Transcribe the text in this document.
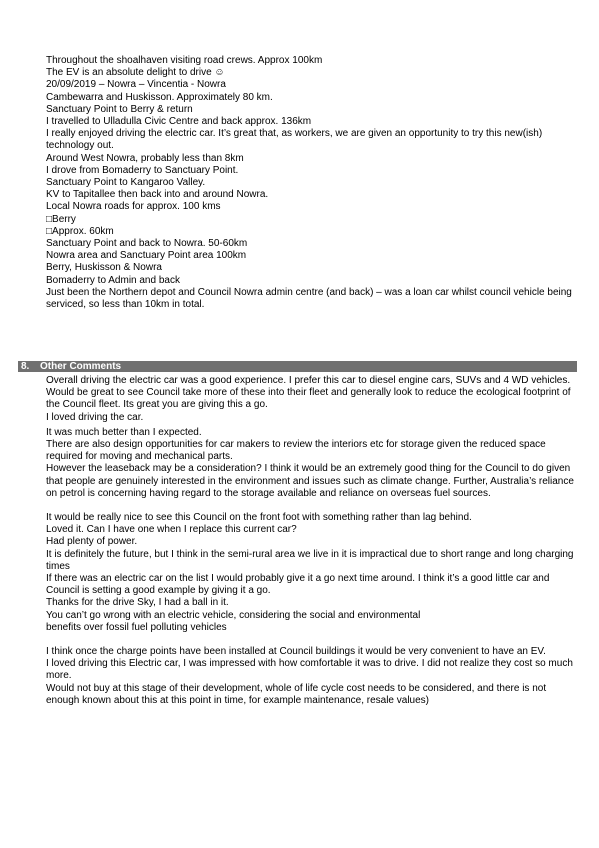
Throughout the shoalhaven visiting road crews. Approx 100km
The EV is an absolute delight to drive ☺
20/09/2019 – Nowra – Vincentia - Nowra
Cambewarra and Huskisson. Approximately 80 km.
Sanctuary Point to Berry & return
I travelled to Ulladulla Civic Centre and back approx. 136km
I really enjoyed driving the electric car. It’s great that, as workers, we are given an opportunity to try this new(ish) technology out.
Around West Nowra, probably less than 8km
I drove from Bomaderry to Sanctuary Point.
Sanctuary Point to Kangaroo Valley.
KV to Tapitallee then back into and around Nowra.
Local Nowra roads for approx. 100 kms
□Berry
□Approx. 60km
Sanctuary Point and back to Nowra. 50-60km
Nowra area and Sanctuary Point area 100km
Berry, Huskisson & Nowra
Bomaderry to Admin and back
Just been the Northern depot and Council Nowra admin centre (and back) – was a loan car whilst council vehicle being serviced, so less than 10km in total.
8. Other Comments
Overall driving the electric car was a good experience. I prefer this car to diesel engine cars, SUVs and 4 WD vehicles.
Would be great to see Council take more of these into their fleet and generally look to reduce the ecological footprint of the Council fleet. Its great you are giving this a go.
I loved driving the car.
It was much better than I expected.
There are also design opportunities for car makers to review the interiors etc for storage given the reduced space required for moving and mechanical parts.
However the leaseback may be a consideration? I think it would be an extremely good thing for the Council to do given that people are genuinely interested in the environment and issues such as climate change. Further, Australia’s reliance on petrol is concerning having regard to the storage available and reliance on overseas fuel sources.
It would be really nice to see this Council on the front foot with something rather than lag behind.
Loved it. Can I have one when I replace this current car?
Had plenty of power.
It is definitely the future, but I think in the semi-rural area we live in it is impractical due to short range and long charging times
If there was an electric car on the list I would probably give it a go next time around. I think it’s a good little car and Council is setting a good example by giving it a go.
Thanks for the drive Sky, I had a ball in it.
You can’t go wrong with an electric vehicle, considering the social and environmental
benefits over fossil fuel polluting vehicles
I think once the charge points have been installed at Council buildings it would be very convenient to have an EV.
I loved driving this Electric car, I was impressed with how comfortable it was to drive. I did not realize they cost so much more.
Would not buy at this stage of their development, whole of life cycle cost needs to be considered, and there is not enough known about this at this point in time, for example maintenance, resale values)
